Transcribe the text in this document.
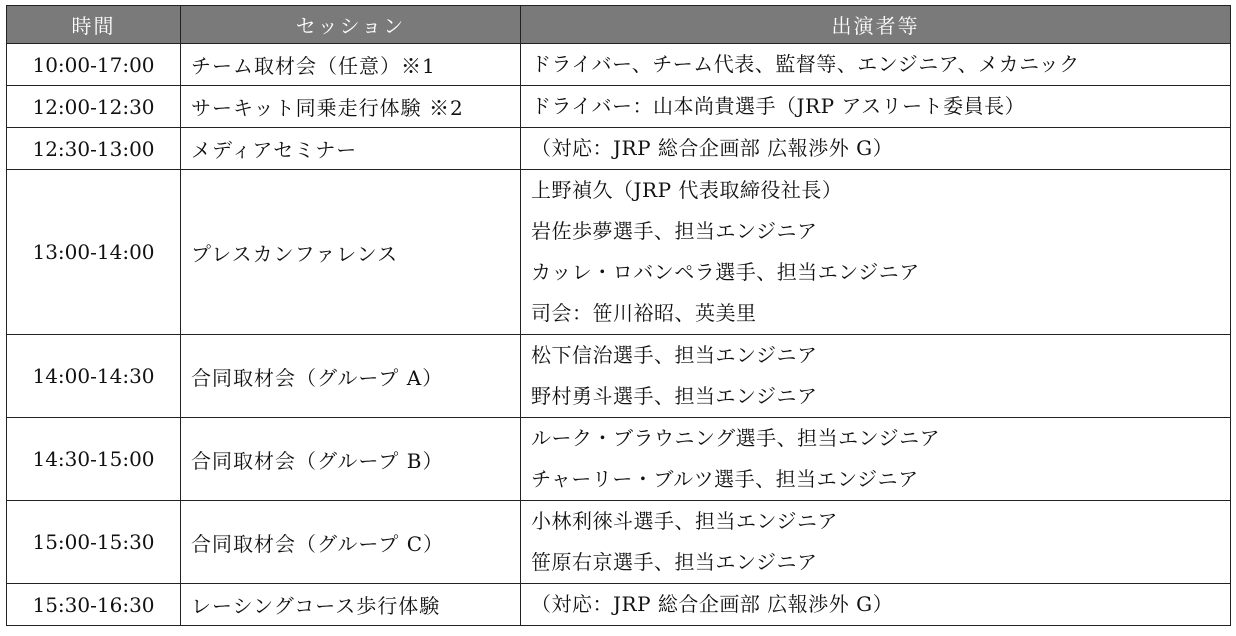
時間	セッション	出演者等
10:00-17:00	チーム取材会（任意）※1	ドライバー、チーム代表、監督等、エンジニア、メカニック

12:00-12:30	サーキット同乗走行体験 ※2	ドライバー：山本尚貴選手（JRP アスリート委員長）

12:30-13:00	メディアセミナー	（対応：JRP 総合企画部 広報渉外 G）

13:00-14:00	プレスカンファレンス	上野禎久（JRP 代表取締役社長）
岩佐歩夢選手、担当エンジニア
カッレ・ロバンペラ選手、担当エンジニア
司会：笹川裕昭、英美里

14:00-14:30	合同取材会（グループ A）	松下信治選手、担当エンジニア
野村勇斗選手、担当エンジニア

14:30-15:00	合同取材会（グループ B）	ルーク・ブラウニング選手、担当エンジニア
チャーリー・ブルツ選手、担当エンジニア

15:00-15:30	合同取材会（グループ C）	小林利徠斗選手、担当エンジニア
笹原右京選手、担当エンジニア

15:30-16:30	レーシングコース歩行体験	（対応：JRP 総合企画部 広報渉外 G）
